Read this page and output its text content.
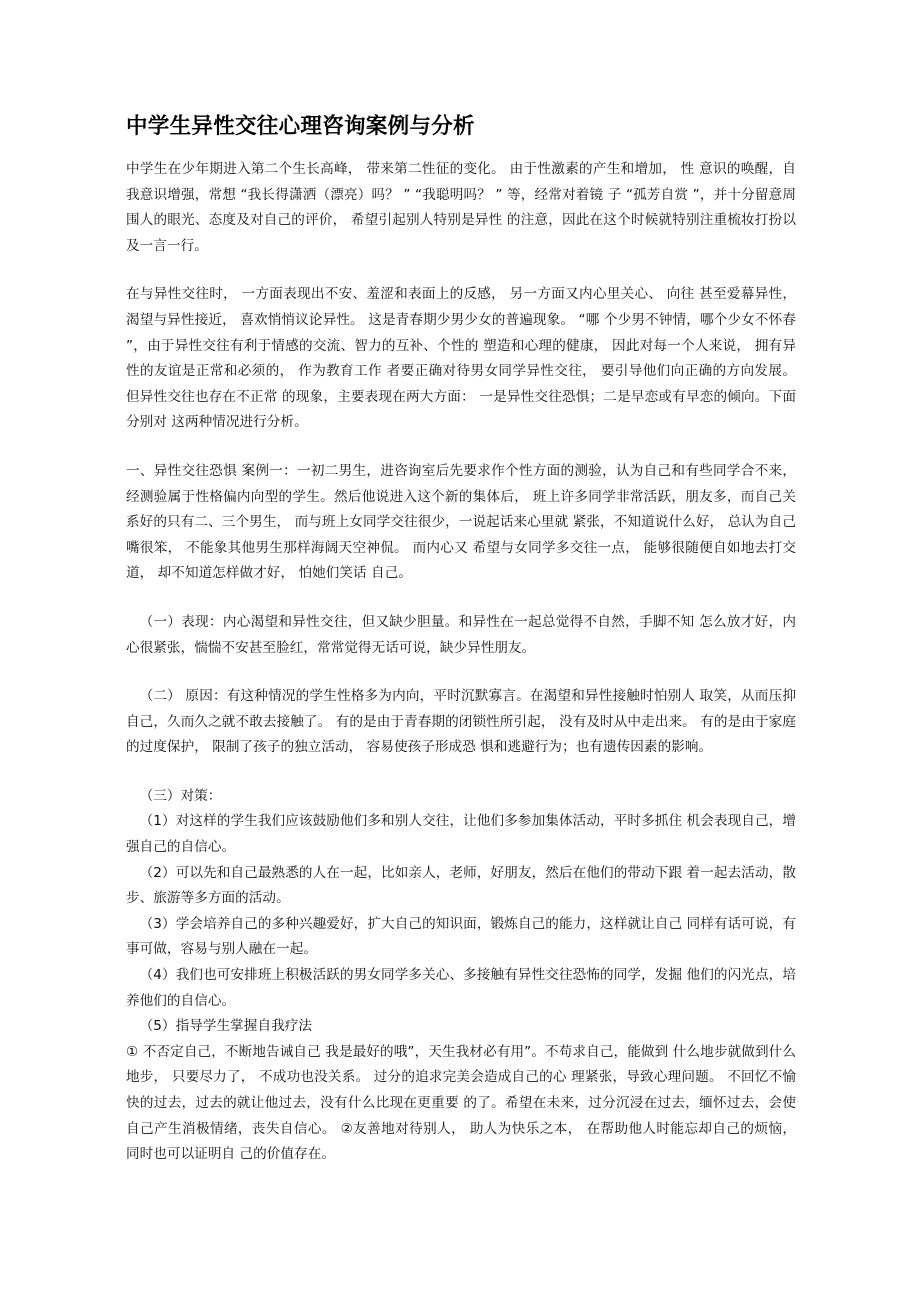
中学生异性交往心理咨询案例与分析

中学生在少年期进入第二个生长高峰， 带来第二性征的变化。 由于性激素的产生和增加， 性 意识的唤醒，自我意识增强，常想 “我长得潇洒（漂亮）吗？ ” “我聪明吗？ ” 等，经常对着镜 子 “孤芳自赏 ”，并十分留意周围人的眼光、态度及对自己的评价， 希望引起别人特别是异性 的注意，因此在这个时候就特别注重梳妆打扮以及一言一行。

在与异性交往时， 一方面表现出不安、羞涩和表面上的反感， 另一方面又内心里关心、 向往 甚至爱幕异性， 渴望与异性接近， 喜欢悄悄议论异性。 这是青春期少男少女的普遍现象。 “哪 个少男不钟情，哪个少女不怀春 ”，由于异性交往有利于情感的交流、智力的互补、个性的 塑造和心理的健康， 因此对每一个人来说， 拥有异性的友谊是正常和必须的， 作为教育工作 者要正确对待男女同学异性交往， 要引导他们向正确的方向发展。 但异性交往也存在不正常 的现象，主要表现在两大方面： 一是异性交往恐惧；二是早恋或有早恋的倾向。下面分别对 这两种情况进行分析。

一、异性交往恐惧 案例一：一初二男生，进咨询室后先要求作个性方面的测验，认为自己和有些同学合不来， 经测验属于性格偏内向型的学生。然后他说进入这个新的集体后， 班上许多同学非常活跃，朋友多，而自己关系好的只有二、三个男生， 而与班上女同学交往很少，一说起话来心里就 紧张，不知道说什么好， 总认为自己嘴很笨， 不能象其他男生那样海阔天空神侃。 而内心又 希望与女同学多交往一点， 能够很随便自如地去打交道， 却不知道怎样做才好， 怕她们笑话 自己。

（一）表现：内心渴望和异性交往，但又缺少胆量。和异性在一起总觉得不自然，手脚不知 怎么放才好，内心很紧张，惴惴不安甚至脸红，常常觉得无话可说，缺少异性朋友。

（二） 原因：有这种情况的学生性格多为内向，平时沉默寡言。在渴望和异性接触时怕别人 取笑，从而压抑自己，久而久之就不敢去接触了。 有的是由于青春期的闭锁性所引起， 没有及时从中走出来。 有的是由于家庭的过度保护， 限制了孩子的独立活动， 容易使孩子形成恐 惧和逃避行为；也有遗传因素的影响。

（三）对策：

（1）对这样的学生我们应该鼓励他们多和别人交往，让他们多参加集体活动，平时多抓住 机会表现自己，增强自己的自信心。

（2）可以先和自己最熟悉的人在一起，比如亲人，老师，好朋友，然后在他们的带动下跟 着一起去活动，散步、旅游等多方面的活动。

（3）学会培养自己的多种兴趣爱好，扩大自己的知识面，锻炼自己的能力，这样就让自己 同样有话可说，有事可做，容易与别人融在一起。

（4）我们也可安排班上积极活跃的男女同学多关心、多接触有异性交往恐怖的同学，发掘 他们的闪光点，培养他们的自信心。

（5）指导学生掌握自我疗法

① 不否定自己，不断地告诫自己 我是最好的哦”，天生我材必有用”。不苟求自己，能做到 什么地步就做到什么地步， 只要尽力了， 不成功也没关系。 过分的追求完美会造成自己的心 理紧张，导致心理问题。 不回忆不愉快的过去，过去的就让他过去，没有什么比现在更重要 的了。希望在未来，过分沉浸在过去，缅怀过去，会使自己产生消极情绪，丧失自信心。 ②友善地对待别人， 助人为快乐之本， 在帮助他人时能忘却自己的烦恼， 同时也可以证明自 己的价值存在。
